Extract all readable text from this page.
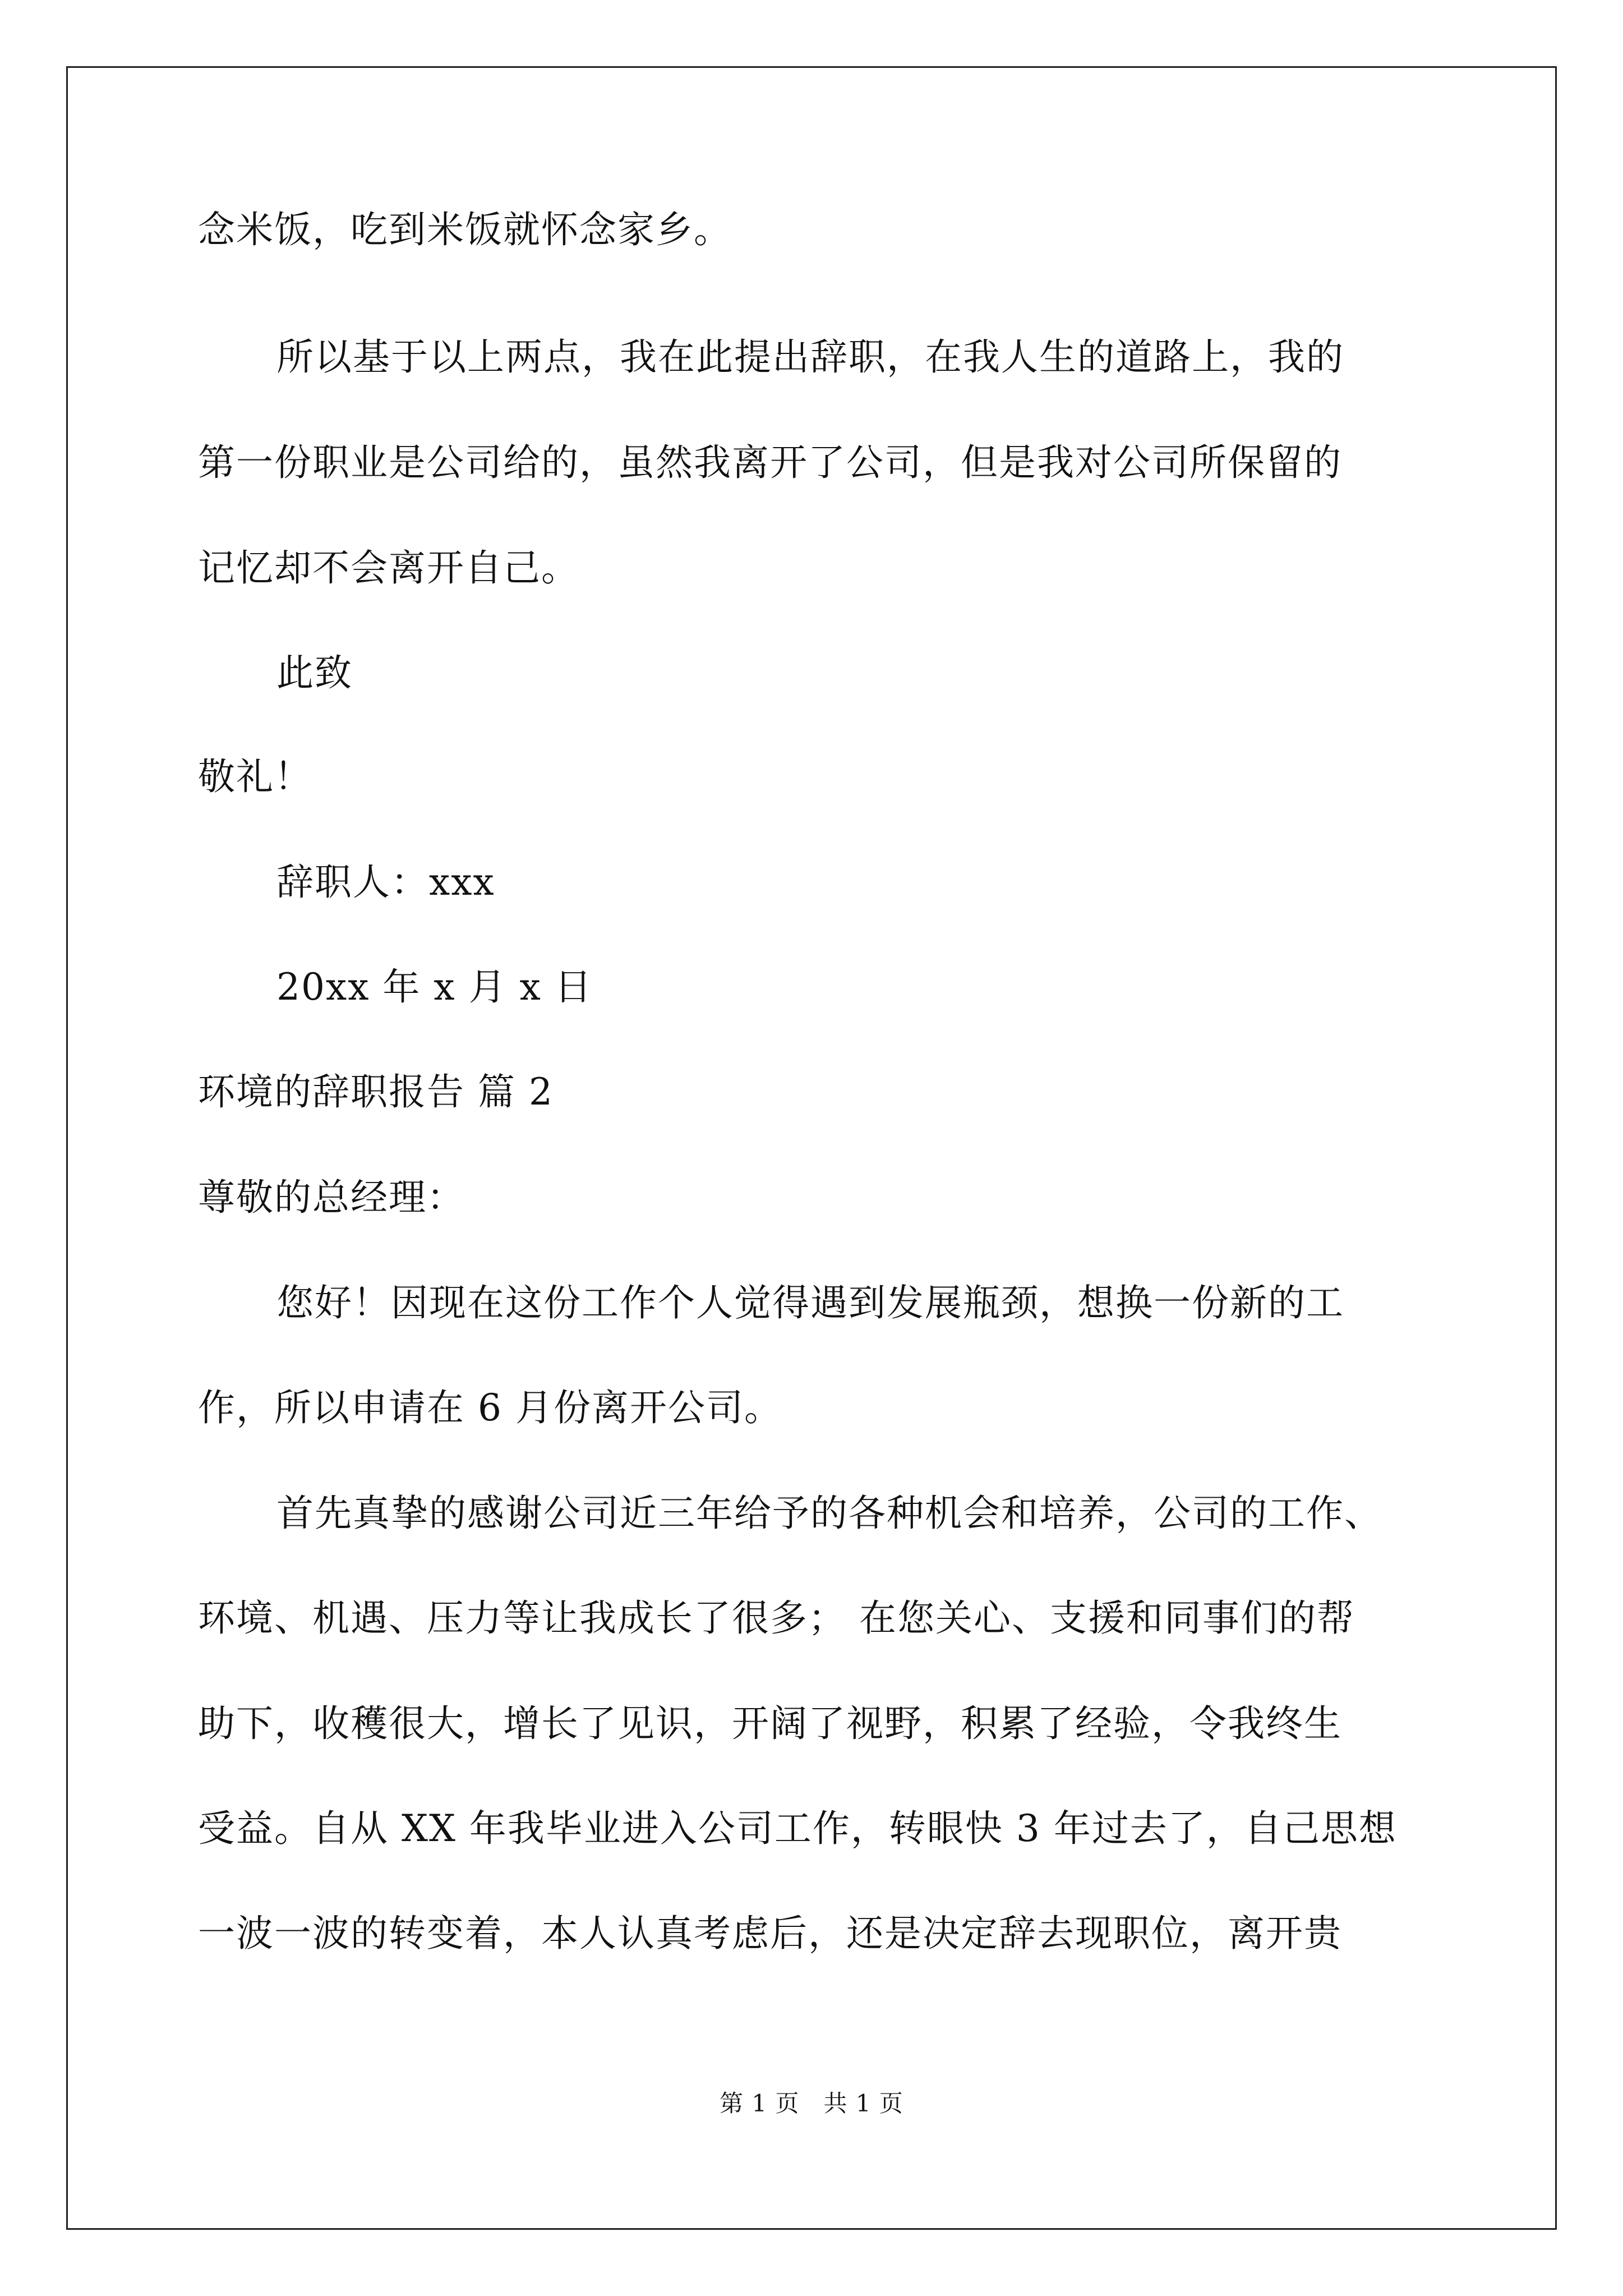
念米饭，吃到米饭就怀念家乡。
所以基于以上两点，我在此提出辞职，在我人生的道路上，我的
第一份职业是公司给的，虽然我离开了公司，但是我对公司所保留的
记忆却不会离开自己。
此致
敬礼！
辞职人：xxx
20xx 年 x 月 x 日
环境的辞职报告 篇 2
尊敬的总经理：
您好！因现在这份工作个人觉得遇到发展瓶颈，想换一份新的工
作，所以申请在 6 月份离开公司。
首先真挚的感谢公司近三年给予的各种机会和培养，公司的工作、
环境、机遇、压力等让我成长了很多； 在您关心、支援和同事们的帮
助下，收穫很大，增长了见识，开阔了视野，积累了经验，令我终生
受益。自从 XX 年我毕业进入公司工作，转眼快 3 年过去了，自己思想
一波一波的转变着，本人认真考虑后，还是决定辞去现职位，离开贵
第 1 页　共 1 页
